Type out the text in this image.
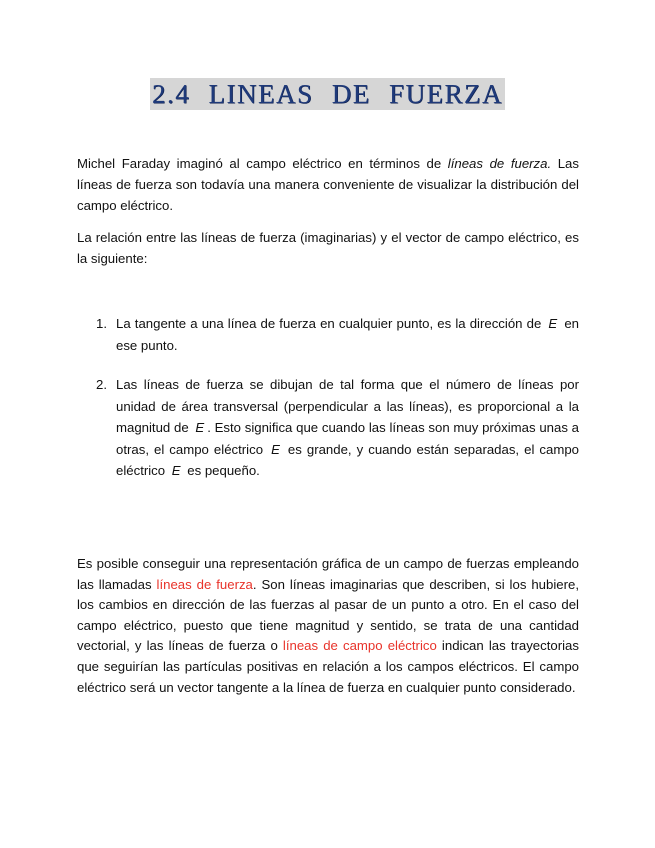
2.4 LINEAS DE FUERZA

Michel Faraday imaginó al campo eléctrico en términos de líneas de fuerza. Las líneas de fuerza son todavía una manera conveniente de visualizar la distribución del campo eléctrico.

La relación entre las líneas de fuerza (imaginarias) y el vector de campo eléctrico, es la siguiente:

1. La tangente a una línea de fuerza en cualquier punto, es la dirección de E en ese punto.
2. Las líneas de fuerza se dibujan de tal forma que el número de líneas por unidad de área transversal (perpendicular a las líneas), es proporcional a la magnitud de E . Esto significa que cuando las líneas son muy próximas unas a otras, el campo eléctrico E es grande, y cuando están separadas, el campo eléctrico E es pequeño.

Es posible conseguir una representación gráfica de un campo de fuerzas empleando las llamadas líneas de fuerza. Son líneas imaginarias que describen, si los hubiere, los cambios en dirección de las fuerzas al pasar de un punto a otro. En el caso del campo eléctrico, puesto que tiene magnitud y sentido, se trata de una cantidad vectorial, y las líneas de fuerza o líneas de campo eléctrico indican las trayectorias que seguirían las partículas positivas en relación a los campos eléctricos. El campo eléctrico será un vector tangente a la línea de fuerza en cualquier punto considerado.
